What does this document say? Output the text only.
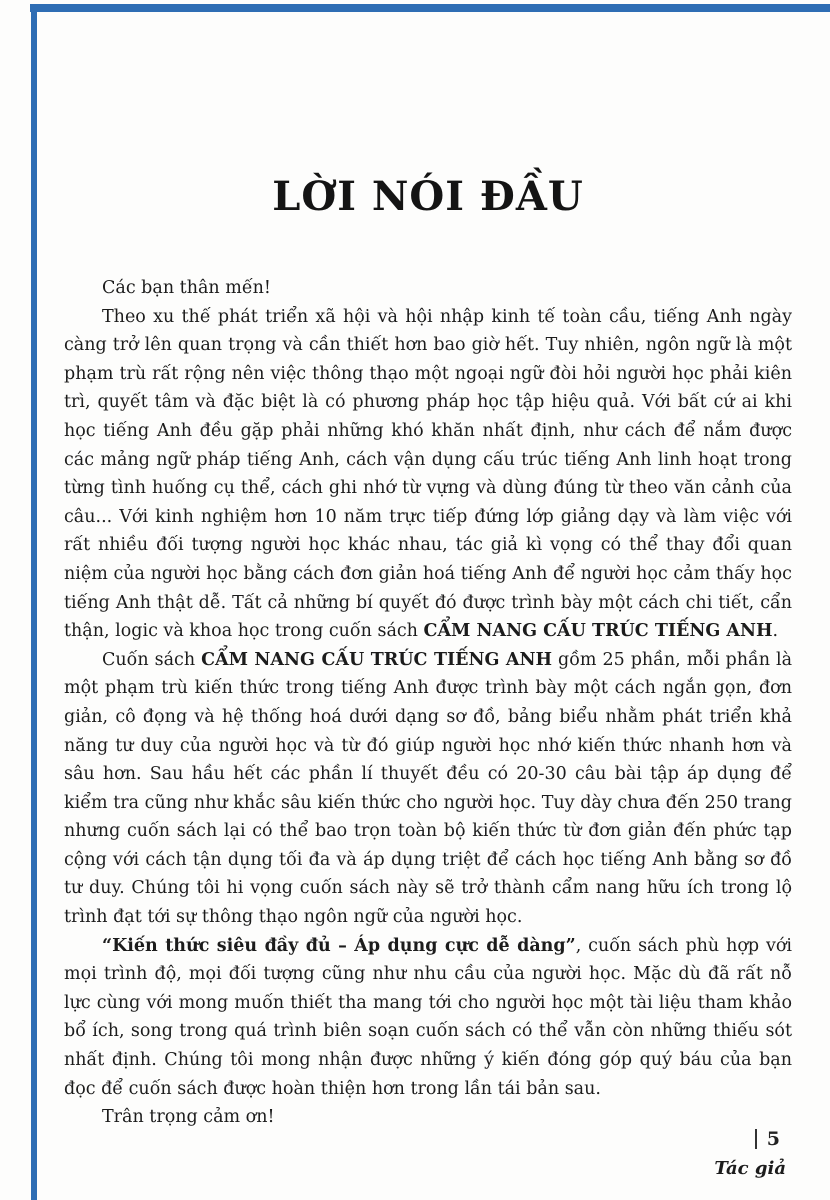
LỜI NÓI ĐẦU

Các bạn thân mến!

Theo xu thế phát triển xã hội và hội nhập kinh tế toàn cầu, tiếng Anh ngày càng trở lên quan trọng và cần thiết hơn bao giờ hết. Tuy nhiên, ngôn ngữ là một phạm trù rất rộng nên việc thông thạo một ngoại ngữ đòi hỏi người học phải kiên trì, quyết tâm và đặc biệt là có phương pháp học tập hiệu quả. Với bất cứ ai khi học tiếng Anh đều gặp phải những khó khăn nhất định, như cách để nắm được các mảng ngữ pháp tiếng Anh, cách vận dụng cấu trúc tiếng Anh linh hoạt trong từng tình huống cụ thể, cách ghi nhớ từ vựng và dùng đúng từ theo văn cảnh của câu... Với kinh nghiệm hơn 10 năm trực tiếp đứng lớp giảng dạy và làm việc với rất nhiều đối tượng người học khác nhau, tác giả kì vọng có thể thay đổi quan niệm của người học bằng cách đơn giản hoá tiếng Anh để người học cảm thấy học tiếng Anh thật dễ. Tất cả những bí quyết đó được trình bày một cách chi tiết, cẩn thận, logic và khoa học trong cuốn sách CẨM NANG CẤU TRÚC TIẾNG ANH.

Cuốn sách CẨM NANG CẤU TRÚC TIẾNG ANH gồm 25 phần, mỗi phần là một phạm trù kiến thức trong tiếng Anh được trình bày một cách ngắn gọn, đơn giản, cô đọng và hệ thống hoá dưới dạng sơ đồ, bảng biểu nhằm phát triển khả năng tư duy của người học và từ đó giúp người học nhớ kiến thức nhanh hơn và sâu hơn. Sau hầu hết các phần lí thuyết đều có 20-30 câu bài tập áp dụng để kiểm tra cũng như khắc sâu kiến thức cho người học. Tuy dày chưa đến 250 trang nhưng cuốn sách lại có thể bao trọn toàn bộ kiến thức từ đơn giản đến phức tạp cộng với cách tận dụng tối đa và áp dụng triệt để cách học tiếng Anh bằng sơ đồ tư duy. Chúng tôi hi vọng cuốn sách này sẽ trở thành cẩm nang hữu ích trong lộ trình đạt tới sự thông thạo ngôn ngữ của người học.

“Kiến thức siêu đầy đủ – Áp dụng cực dễ dàng”, cuốn sách phù hợp với mọi trình độ, mọi đối tượng cũng như nhu cầu của người học. Mặc dù đã rất nỗ lực cùng với mong muốn thiết tha mang tới cho người học một tài liệu tham khảo bổ ích, song trong quá trình biên soạn cuốn sách có thể vẫn còn những thiếu sót nhất định. Chúng tôi mong nhận được những ý kiến đóng góp quý báu của bạn đọc để cuốn sách được hoàn thiện hơn trong lần tái bản sau.

Trân trọng cảm ơn!

Tác giả
5
